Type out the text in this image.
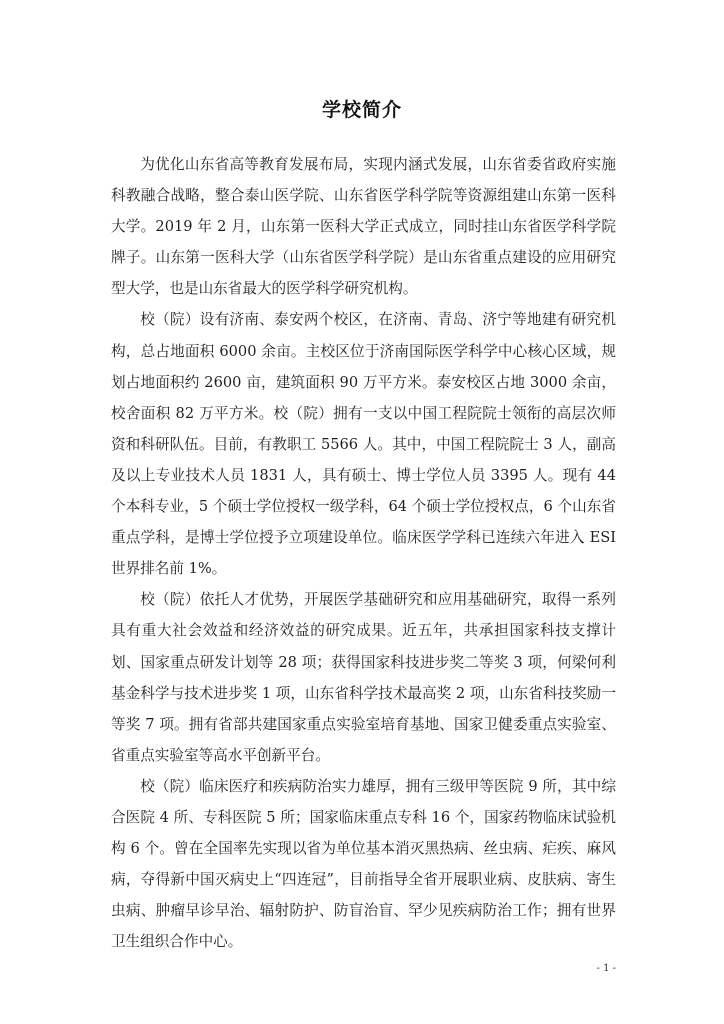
学校简介

为优化山东省高等教育发展布局，实现内涵式发展，山东省委省政府实施科教融合战略，整合泰山医学院、山东省医学科学院等资源组建山东第一医科大学。2019 年 2 月，山东第一医科大学正式成立，同时挂山东省医学科学院牌子。山东第一医科大学（山东省医学科学院）是山东省重点建设的应用研究型大学，也是山东省最大的医学科学研究机构。

校（院）设有济南、泰安两个校区，在济南、青岛、济宁等地建有研究机构，总占地面积 6000 余亩。主校区位于济南国际医学科学中心核心区域，规划占地面积约 2600 亩，建筑面积 90 万平方米。泰安校区占地 3000 余亩，校舍面积 82 万平方米。校（院）拥有一支以中国工程院院士领衔的高层次师资和科研队伍。目前，有教职工 5566 人。其中，中国工程院院士 3 人，副高及以上专业技术人员 1831 人，具有硕士、博士学位人员 3395 人。现有 44 个本科专业，5 个硕士学位授权一级学科，64 个硕士学位授权点，6 个山东省重点学科，是博士学位授予立项建设单位。临床医学学科已连续六年进入 ESI 世界排名前 1%。

校（院）依托人才优势，开展医学基础研究和应用基础研究，取得一系列具有重大社会效益和经济效益的研究成果。近五年，共承担国家科技支撑计划、国家重点研发计划等 28 项；获得国家科技进步奖二等奖 3 项，何梁何利基金科学与技术进步奖 1 项，山东省科学技术最高奖 2 项，山东省科技奖励一等奖 7 项。拥有省部共建国家重点实验室培育基地、国家卫健委重点实验室、省重点实验室等高水平创新平台。

校（院）临床医疗和疾病防治实力雄厚，拥有三级甲等医院 9 所，其中综合医院 4 所、专科医院 5 所；国家临床重点专科 16 个，国家药物临床试验机构 6 个。曾在全国率先实现以省为单位基本消灭黑热病、丝虫病、疟疾、麻风病，夺得新中国灭病史上“四连冠”，目前指导全省开展职业病、皮肤病、寄生虫病、肿瘤早诊早治、辐射防护、防盲治盲、罕少见疾病防治工作；拥有世界卫生组织合作中心。

- 1 -
